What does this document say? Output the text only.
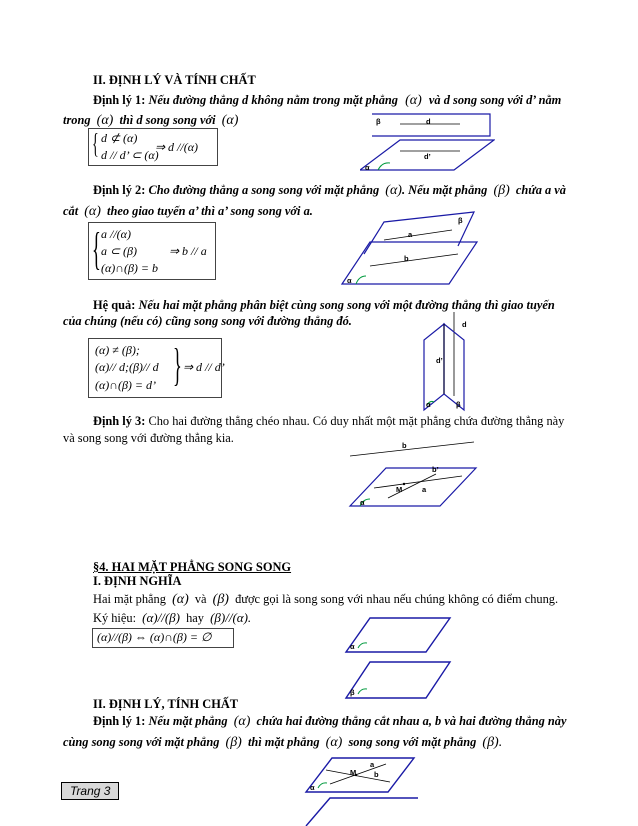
II. ĐỊNH LÝ VÀ TÍNH CHẤT
Định lý 1: Nếu đường thẳng d không nằm trong mặt phẳng (α) và d song song với d’ nằm
trong (α) thì d song song với (α)
{ d ⊄ (α)
d // d’ ⊂ (α)
⇒ d //(α)
β	d
d’
α
Định lý 2: Cho đường thẳng a song song với mặt phẳng (α). Nếu mặt phẳng (β) chứa a và
cắt (α) theo giao tuyến a’ thì a’ song song với a.
{ a //(α)
a ⊂ (β)
(α)∩(β) = b
⇒ b // a
β
a
b
α
Hệ quả: Nếu hai mặt phẳng phân biệt cùng song song với một đường thẳng thì giao tuyến
của chúng (nếu có) cũng song song với đường thẳng đó.
(α) ≠ (β);
(α)// d;(β)// d
(α)∩(β) = d’ } ⇒ d // d’
d
d’
α	β
Định lý 3: Cho hai đường thẳng chéo nhau. Có duy nhất một mặt phẳng chứa đường thẳng này
và song song với đường thẳng kia.
b
b’
M	a
α
§4. HAI MẶT PHẲNG SONG SONG
I. ĐỊNH NGHĨA
Hai mặt phẳng (α) và (β) được gọi là song song với nhau nếu chúng không có điểm chung.
Ký hiệu: (α)//(β) hay (β)//(α).
(α)//(β) ⇔ (α)∩(β) = ∅
α
β
II. ĐỊNH LÝ, TÍNH CHẤT
Định lý 1: Nếu mặt phẳng (α) chứa hai đường thẳng cắt nhau a, b và hai đường thẳng này
cùng song song với mặt phẳng (β) thì mặt phẳng (α) song song với mặt phẳng (β).
a
M b
α
Trang 3
